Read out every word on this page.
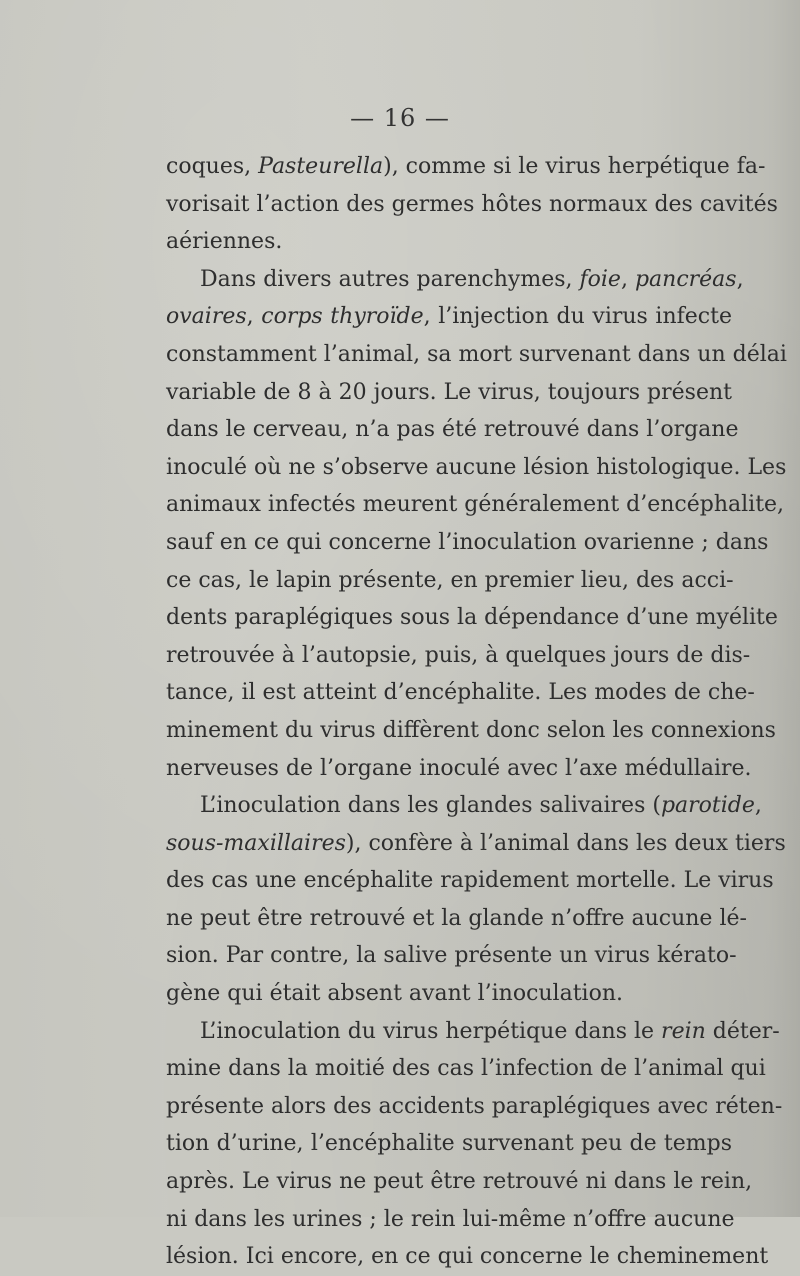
— 16 —
coques, Pasteurella), comme si le virus herpétique fa-
vorisait l’action des germes hôtes normaux des cavités
aériennes.
Dans divers autres parenchymes, foie, pancréas,
ovaires, corps thyroïde, l’injection du virus infecte
constamment l’animal, sa mort survenant dans un délai
variable de 8 à 20 jours. Le virus, toujours présent
dans le cerveau, n’a pas été retrouvé dans l’organe
inoculé où ne s’observe aucune lésion histologique. Les
animaux infectés meurent généralement d’encéphalite,
sauf en ce qui concerne l’inoculation ovarienne ; dans
ce cas, le lapin présente, en premier lieu, des acci-
dents paraplégiques sous la dépendance d’une myélite
retrouvée à l’autopsie, puis, à quelques jours de dis-
tance, il est atteint d’encéphalite. Les modes de che-
minement du virus diffèrent donc selon les connexions
nerveuses de l’organe inoculé avec l’axe médullaire.
L’inoculation dans les glandes salivaires (parotide,
sous-maxillaires), confère à l’animal dans les deux tiers
des cas une encéphalite rapidement mortelle. Le virus
ne peut être retrouvé et la glande n’offre aucune lé-
sion. Par contre, la salive présente un virus kérato-
gène qui était absent avant l’inoculation.
L’inoculation du virus herpétique dans le rein déter-
mine dans la moitié des cas l’infection de l’animal qui
présente alors des accidents paraplégiques avec réten-
tion d’urine, l’encéphalite survenant peu de temps
après. Le virus ne peut être retrouvé ni dans le rein,
ni dans les urines ; le rein lui-même n’offre aucune
lésion. Ici encore, en ce qui concerne le cheminement
